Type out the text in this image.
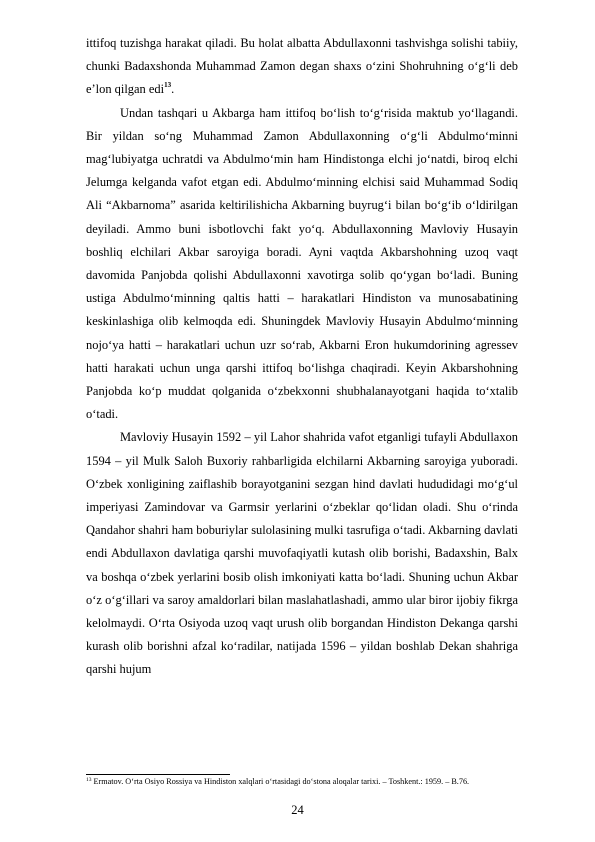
ittifoq tuzishga harakat qiladi. Bu holat albatta Abdullaxonni tashvishga solishi tabiiy, chunki Badaxshonda Muhammad Zamon degan shaxs o‘zini Shohruhning o‘g‘li deb e’lon qilgan edi$^{13}$.

Undan tashqari u Akbarga ham ittifoq bo‘lish to‘g‘risida maktub yo‘llagandi. Bir yildan so‘ng Muhammad Zamon Abdullaxonning o‘g‘li Abdulmo‘minni mag‘lubiyatga uchratdi va Abdulmo‘min ham Hindistonga elchi jo‘natdi, biroq elchi Jelumga kelganda vafot etgan edi. Abdulmo‘minning elchisi said Muhammad Sodiq Ali “Akbarnoma” asarida keltirilishicha Akbarning buyrug‘i bilan bo‘g‘ib o‘ldirilgan deyiladi. Ammo buni isbotlovchi fakt yo‘q. Abdullaxonning Mavloviy Husayin boshliq elchilari Akbar saroyiga boradi. Ayni vaqtda Akbarshohning uzoq vaqt davomida Panjobda qolishi Abdullaxonni xavotirga solib qo‘ygan bo‘ladi. Buning ustiga Abdulmo‘minning qaltis hatti – harakatlari Hindiston va munosabatining keskinlashiga olib kelmoqda edi. Shuningdek Mavloviy Husayin Abdulmo‘minning nojo‘ya hatti – harakatlari uchun uzr so‘rab, Akbarni Eron hukumdorining agressev hatti harakati uchun unga qarshi ittifoq bo‘lishga chaqiradi. Keyin Akbarshohning Panjobda ko‘p muddat qolganida o‘zbekxonni shubhalanayotgani haqida to‘xtalib o‘tadi.

Mavloviy Husayin 1592 – yil Lahor shahrida vafot etganligi tufayli Abdullaxon 1594 – yil Mulk Saloh Buxoriy rahbarligida elchilarni Akbarning saroyiga yuboradi. O‘zbek xonligining zaiflashib borayotganini sezgan hind davlati hududidagi mo‘g‘ul imperiyasi Zamindovar va Garmsir yerlarini o‘zbeklar qo‘lidan oladi. Shu o‘rinda Qandahor shahri ham boburiylar sulolasining mulki tasrufiga o‘tadi. Akbarning davlati endi Abdullaxon davlatiga qarshi muvofaqiyatli kutash olib borishi, Badaxshin, Balx va boshqa o‘zbek yerlarini bosib olish imkoniyati katta bo‘ladi. Shuning uchun Akbar o‘z o‘g‘illari va saroy amaldorlari bilan maslahatlashadi, ammo ular biror ijobiy fikrga kelolmaydi. O‘rta Osiyoda uzoq vaqt urush olib borgandan Hindiston Dekanga qarshi kurash olib borishni afzal ko‘radilar, natijada 1596 – yildan boshlab Dekan shahriga qarshi hujum

$^{13}$ Ermatov. O‘rta Osiyo Rossiya va Hindiston xalqlari o‘rtasidagi do‘stona aloqalar tarixi. – Toshkent.: 1959. – B.76.
24
